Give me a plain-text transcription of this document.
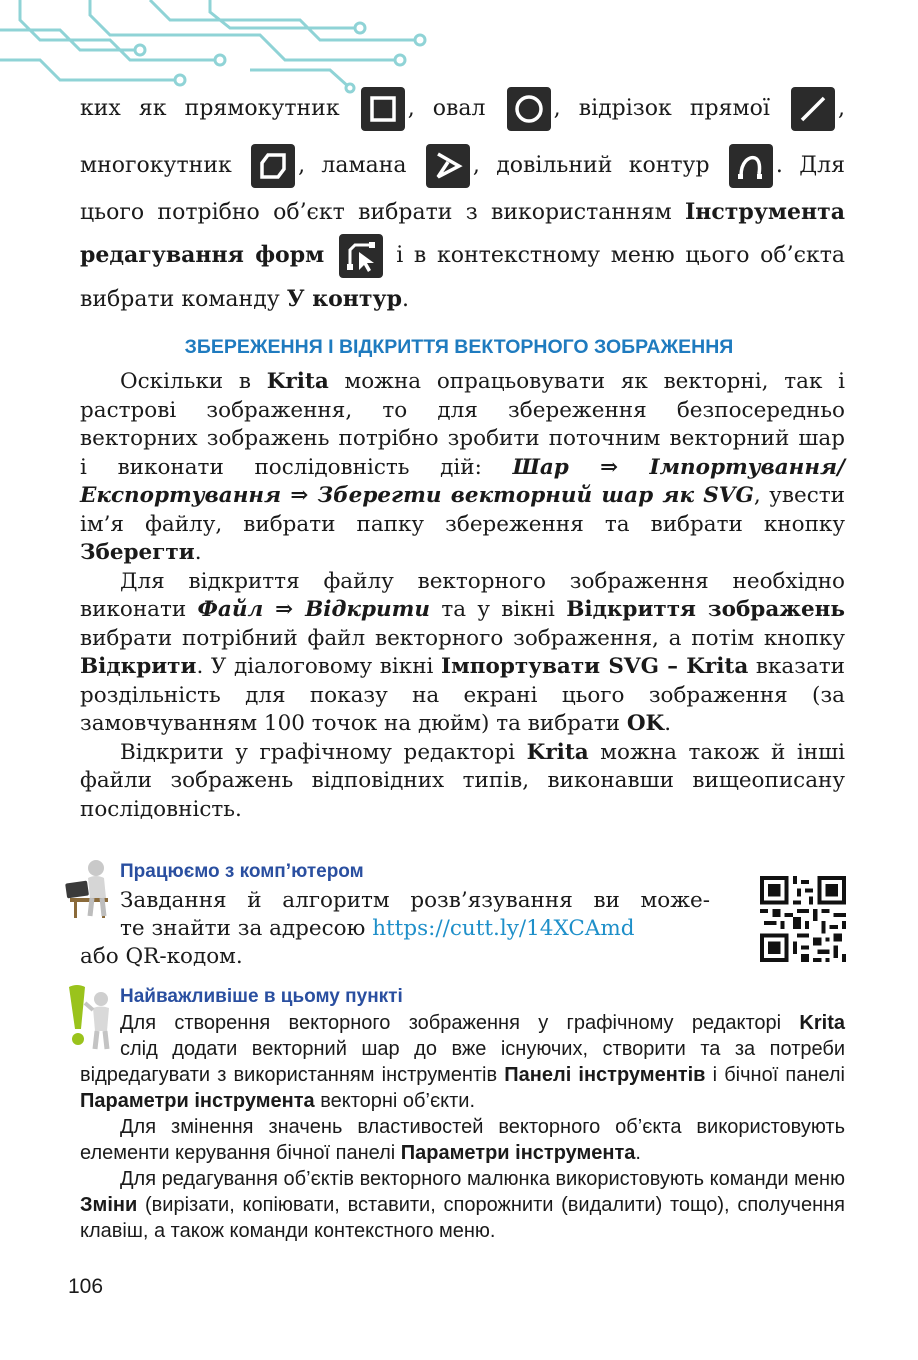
ких як прямокутник
, овал
, відрізок прямої
,
многокутник
, ламана
, довільний контур
. Для
цього потрібно об’єкт вибрати з використанням Інструмента
редагування форм
і в контекстному меню цього об’єкта
вибрати команду У контур.
ЗБЕРЕЖЕННЯ І ВІДКРИТТЯ ВЕКТОРНОГО ЗОБРАЖЕННЯ

Оскільки в Krita можна опрацьовувати як векторні, так і растрові зображення, то для збереження безпосередньо векторних зображень потрібно зробити поточним векторний шар і виконати послідовність дій: Шар ⇒ Імпортування/Експортування ⇒ Зберегти векторний шар як SVG, увести ім’я файлу, вибрати папку збереження та вибрати кнопку Зберегти.

Для відкриття файлу векторного зображення необхідно виконати Файл ⇒ Відкрити та у вікні Відкриття зображень вибрати потрібний файл векторного зображення, а потім кнопку Відкрити. У діалоговому вікні Імпортувати SVG – Krita вказати роздільність для показу на екрані цього зображення (за замовчуванням 100 точок на дюйм) та вибрати OK.

Відкрити у графічному редакторі Krita можна також й інші файли зображень відповідних типів, виконавши вищеописану послідовність.

Працюємо з комп’ютером
Завдання й алгоритм розв’язування ви може-
те знайти за адресою https://cutt.ly/14XCAmd
або QR-кодом.
Найважливіше в цьому пункті
Для створення векторного зображення у графічному редакторі Krita
слід додати векторний шар до вже існуючих, створити та за потреби
відредагувати з використанням інструментів Панелі інструментів і бічної панелі Параметри інструмента векторні об’єкти.
Для змінення значень властивостей векторного об’єкта використовують елементи керування бічної панелі Параметри інструмента.
Для редагування об’єктів векторного малюнка використовують команди меню Зміни (вирізати, копіювати, вставити, спорожнити (видалити) тощо), сполучення клавіш, а також команди контекстного меню.
106
